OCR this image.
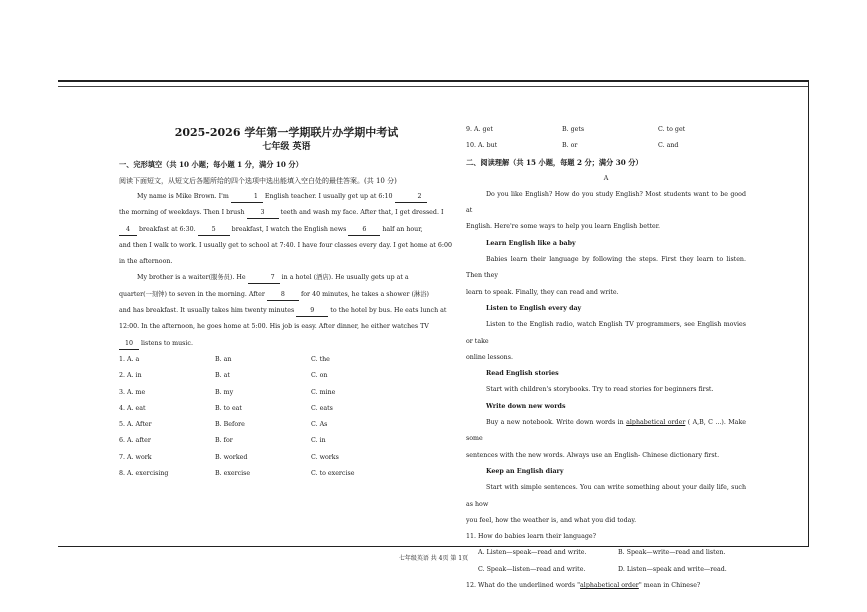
2025-2026 学年第一学期联片办学期中考试
七年级 英语
一、完形填空（共 10 小题；每小题 1 分，满分 10 分）
阅读下面短文，从短文后各题所给的四个选项中选出能填入空白处的最佳答案。(共 10 分)
My name is Mike Brown. I'm	1 English teacher. I usually get up at 6:10	2
the morning of weekdays. Then I brush	3	teeth and wash my face. After that, I get dressed. I
4 breakfast at 6:30.	5	breakfast, I watch the English news	6	half an hour,
and then I walk to work. I usually get to school at 7:40. I have four classes every day. I get home at 6:00
in the afternoon.
My brother is a waiter(服务员). He	7 in a hotel (酒店). He usually gets up at a
quarter(一刻钟) to seven in the morning. After	8	for 40 minutes, he takes a shower (淋浴)
and has breakfast. It usually takes him twenty minutes	9	to the hotel by bus. He eats lunch at
12:00. In the afternoon, he goes home at 5:00. His job is easy. After dinner, he either watches TV
10 listens to music.
1. A. a	B. an	C. the
2. A. in	B. at	C. on
3. A. me	B. my	C. mine
4. A. eat	B. to eat	C. eats
5. A. After	B. Before	C. As
6. A. after	B. for	C. in
7. A. work	B. worked	C. works
8. A. exercising	B. exercise	C. to exercise
9. A. get	B. gets	C. to get
10. A. but	B. or	C. and
二、阅读理解（共 15 小题，每题 2 分；满分 30 分）
A
Do you like English? How do you study English? Most students want to be good at
English. Here're some ways to help you learn English better.
Learn English like a baby
Babies learn their language by following the steps. First they learn to listen. Then they
learn to speak. Finally, they can read and write.
Listen to English every day
Listen to the English radio, watch English TV programmers, see English movies or take
online lessons.
Read English stories
Start with children's storybooks. Try to read stories for beginners first.
Write down new words
Buy a new notebook. Write down words in alphabetical order ( A,B, C ...). Make some
sentences with the new words. Always use an English- Chinese dictionary first.
Keep an English diary
Start with simple sentences. You can write something about your daily life, such as how
you feel, how the weather is, and what you did today.
11. How do babies learn their language?
A. Listen—speak—read and write.	B. Speak—write—read and listen.
C. Speak—listen—read and write.	D. Listen—speak and write—read.
12. What do the underlined words "alphabetical order" mean in Chinese?
七年级英语 共 4页 第 1页
